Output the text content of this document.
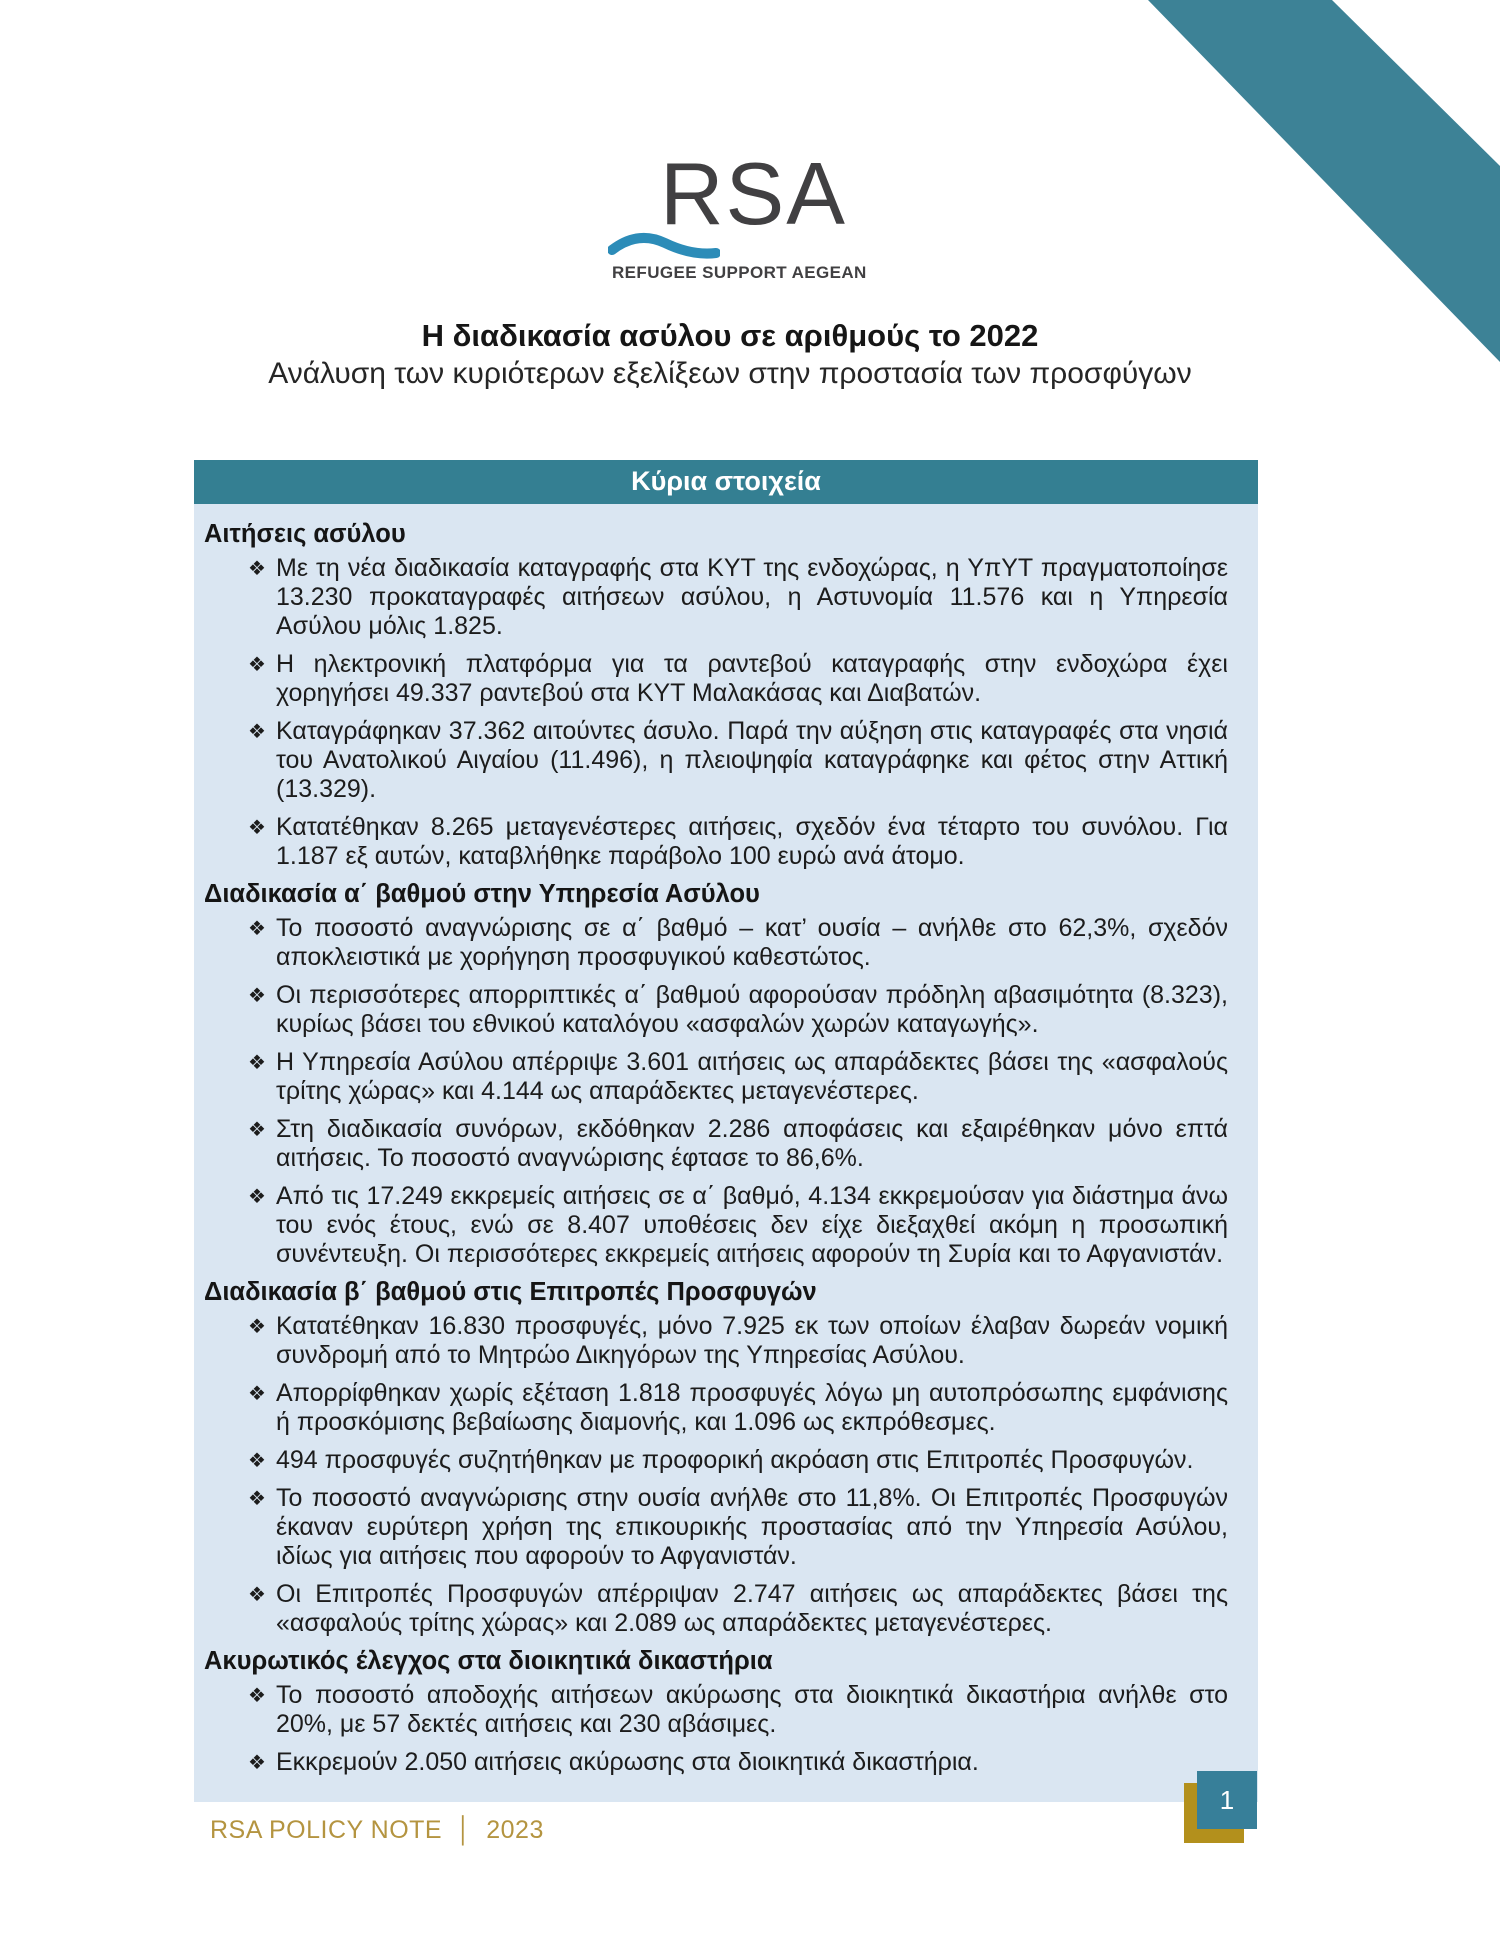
RSA
REFUGEE SUPPORT AEGEAN
Η διαδικασία ασύλου σε αριθμούς το 2022
Ανάλυση των κυριότερων εξελίξεων στην προστασία των προσφύγων
Κύρια στοιχεία
Αιτήσεις ασύλου
❖ Με τη νέα διαδικασία καταγραφής στα ΚΥΤ της ενδοχώρας, η ΥπΥΤ πραγματοποίησε 13.230 προκαταγραφές αιτήσεων ασύλου, η Αστυνομία 11.576 και η Υπηρεσία Ασύλου μόλις 1.825.
❖ Η ηλεκτρονική πλατφόρμα για τα ραντεβού καταγραφής στην ενδοχώρα έχει χορηγήσει 49.337 ραντεβού στα ΚΥΤ Μαλακάσας και Διαβατών.
❖ Καταγράφηκαν 37.362 αιτούντες άσυλο. Παρά την αύξηση στις καταγραφές στα νησιά του Ανατολικού Αιγαίου (11.496), η πλειοψηφία καταγράφηκε και φέτος στην Αττική (13.329).
❖ Κατατέθηκαν 8.265 μεταγενέστερες αιτήσεις, σχεδόν ένα τέταρτο του συνόλου. Για 1.187 εξ αυτών, καταβλήθηκε παράβολο 100 ευρώ ανά άτομο.
Διαδικασία α΄ βαθμού στην Υπηρεσία Ασύλου
❖ Το ποσοστό αναγνώρισης σε α΄ βαθμό – κατ’ ουσία – ανήλθε στο 62,3%, σχεδόν αποκλειστικά με χορήγηση προσφυγικού καθεστώτος.
❖ Οι περισσότερες απορριπτικές α΄ βαθμού αφορούσαν πρόδηλη αβασιμότητα (8.323), κυρίως βάσει του εθνικού καταλόγου «ασφαλών χωρών καταγωγής».
❖ Η Υπηρεσία Ασύλου απέρριψε 3.601 αιτήσεις ως απαράδεκτες βάσει της «ασφαλούς τρίτης χώρας» και 4.144 ως απαράδεκτες μεταγενέστερες.
❖ Στη διαδικασία συνόρων, εκδόθηκαν 2.286 αποφάσεις και εξαιρέθηκαν μόνο επτά αιτήσεις. Το ποσοστό αναγνώρισης έφτασε το 86,6%.
❖ Από τις 17.249 εκκρεμείς αιτήσεις σε α΄ βαθμό, 4.134 εκκρεμούσαν για διάστημα άνω του ενός έτους, ενώ σε 8.407 υποθέσεις δεν είχε διεξαχθεί ακόμη η προσωπική συνέντευξη. Οι περισσότερες εκκρεμείς αιτήσεις αφορούν τη Συρία και το Αφγανιστάν.
Διαδικασία β΄ βαθμού στις Επιτροπές Προσφυγών
❖ Κατατέθηκαν 16.830 προσφυγές, μόνο 7.925 εκ των οποίων έλαβαν δωρεάν νομική συνδρομή από το Μητρώο Δικηγόρων της Υπηρεσίας Ασύλου.
❖ Απορρίφθηκαν χωρίς εξέταση 1.818 προσφυγές λόγω μη αυτοπρόσωπης εμφάνισης ή προσκόμισης βεβαίωσης διαμονής, και 1.096 ως εκπρόθεσμες.
❖ 494 προσφυγές συζητήθηκαν με προφορική ακρόαση στις Επιτροπές Προσφυγών.
❖ Το ποσοστό αναγνώρισης στην ουσία ανήλθε στο 11,8%. Οι Επιτροπές Προσφυγών έκαναν ευρύτερη χρήση της επικουρικής προστασίας από την Υπηρεσία Ασύλου, ιδίως για αιτήσεις που αφορούν το Αφγανιστάν.
❖ Οι Επιτροπές Προσφυγών απέρριψαν 2.747 αιτήσεις ως απαράδεκτες βάσει της «ασφαλούς τρίτης χώρας» και 2.089 ως απαράδεκτες μεταγενέστερες.
Ακυρωτικός έλεγχος στα διοικητικά δικαστήρια
❖ Το ποσοστό αποδοχής αιτήσεων ακύρωσης στα διοικητικά δικαστήρια ανήλθε στο 20%, με 57 δεκτές αιτήσεις και 230 αβάσιμες.
❖ Εκκρεμούν 2.050 αιτήσεις ακύρωσης στα διοικητικά δικαστήρια.
RSA POLICY NOTE │ 2023
1
